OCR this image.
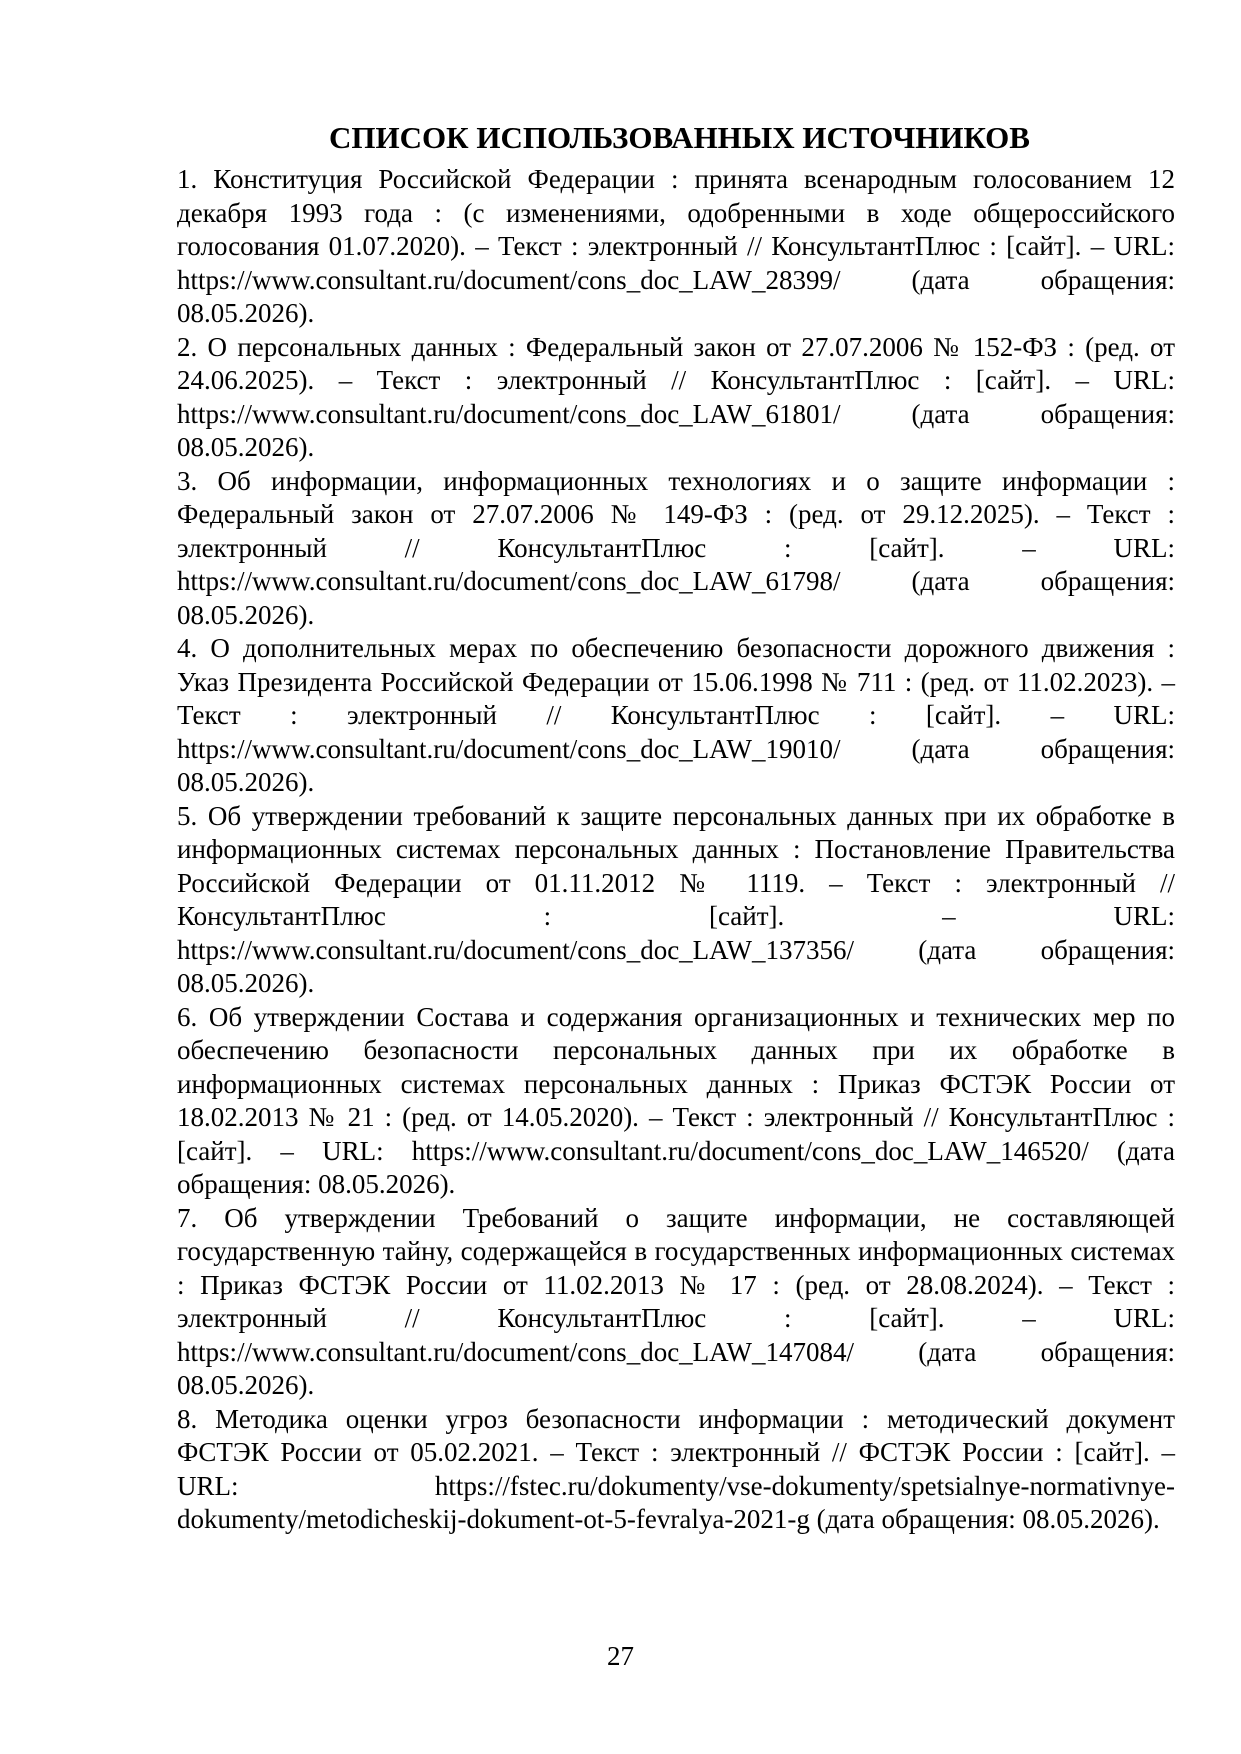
СПИСОК ИСПОЛЬЗОВАННЫХ ИСТОЧНИКОВ

1. Конституция Российской Федерации : принята всенародным голосованием 12 декабря 1993 года : (с изменениями, одобренными в ходе общероссийского голосования 01.07.2020). – Текст : электронный // КонсультантПлюс : [сайт]. – URL: https://www.consultant.ru/document/cons_doc_LAW_28399/ (дата обращения: 08.05.2026).

2. О персональных данных : Федеральный закон от 27.07.2006 № 152-ФЗ : (ред. от 24.06.2025). – Текст : электронный // КонсультантПлюс : [сайт]. – URL: https://www.consultant.ru/document/cons_doc_LAW_61801/ (дата обращения: 08.05.2026).

3. Об информации, информационных технологиях и о защите информации : Федеральный закон от 27.07.2006 № 149-ФЗ : (ред. от 29.12.2025). – Текст : электронный // КонсультантПлюс : [сайт]. – URL: https://www.consultant.ru/document/cons_doc_LAW_61798/ (дата обращения: 08.05.2026).

4. О дополнительных мерах по обеспечению безопасности дорожного движения : Указ Президента Российской Федерации от 15.06.1998 № 711 : (ред. от 11.02.2023). – Текст : электронный // КонсультантПлюс : [сайт]. – URL: https://www.consultant.ru/document/cons_doc_LAW_19010/ (дата обращения: 08.05.2026).

5. Об утверждении требований к защите персональных данных при их обработке в информационных системах персональных данных : Постановление Правительства Российской Федерации от 01.11.2012 № 1119. – Текст : электронный // КонсультантПлюс : [сайт]. – URL: https://www.consultant.ru/document/cons_doc_LAW_137356/ (дата обращения: 08.05.2026).

6. Об утверждении Состава и содержания организационных и технических мер по обеспечению безопасности персональных данных при их обработке в информационных системах персональных данных : Приказ ФСТЭК России от 18.02.2013 № 21 : (ред. от 14.05.2020). – Текст : электронный // КонсультантПлюс : [сайт]. – URL: https://www.consultant.ru/document/cons_doc_LAW_146520/ (дата обращения: 08.05.2026).

7. Об утверждении Требований о защите информации, не составляющей государственную тайну, содержащейся в государственных информационных системах : Приказ ФСТЭК России от 11.02.2013 № 17 : (ред. от 28.08.2024). – Текст : электронный // КонсультантПлюс : [сайт]. – URL: https://www.consultant.ru/document/cons_doc_LAW_147084/ (дата обращения: 08.05.2026).

8. Методика оценки угроз безопасности информации : методический документ ФСТЭК России от 05.02.2021. – Текст : электронный // ФСТЭК России : [сайт]. – URL: https://fstec.ru/dokumenty/vse-dokumenty/spetsialnye-normativnye-dokumenty/metodicheskij-dokument-ot-5-fevralya-2021-g (дата обращения: 08.05.2026).

27
